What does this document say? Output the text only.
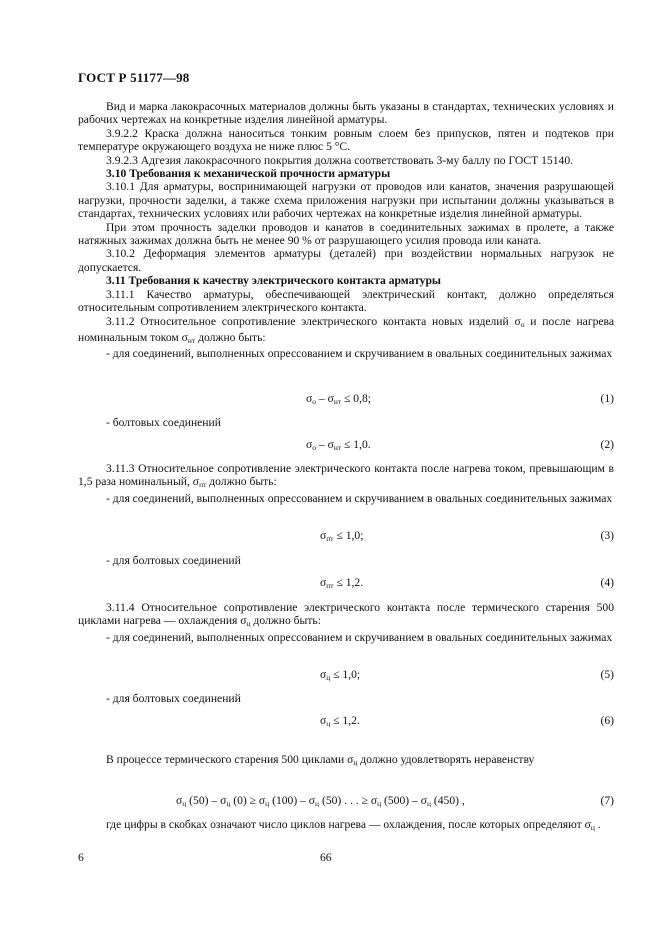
ГОСТ Р 51177—98

Вид и марка лакокрасочных материалов должны быть указаны в стандартах, технических условиях и рабочих чертежах на конкретные изделия линейной арматуры.

3.9.2.2 Краска должна наноситься тонким ровным слоем без припусков, пятен и подтеков при температуре окружающего воздуха не ниже плюс 5 °С.

3.9.2.3 Адгезия лакокрасочного покрытия должна соответствовать 3-му баллу по ГОСТ 15140.

3.10 Требования к механической прочности арматуры

3.10.1 Для арматуры, воспринимающей нагрузки от проводов или канатов, значения разрушающей нагрузки, прочности заделки, а также схема приложения нагрузки при испытании должны указываться в стандартах, технических условиях или рабочих чертежах на конкретные изделия линейной арматуры.

При этом прочность заделки проводов и канатов в соединительных зажимах в пролете, а также натяжных зажимах должна быть не менее 90 % от разрушающего усилия провода или каната.

3.10.2 Деформация элементов арматуры (деталей) при воздействии нормальных нагрузок не допускается.

3.11 Требования к качеству электрического контакта арматуры

3.11.1 Качество арматуры, обеспечивающей электрический контакт, должно определяться относительным сопротивлением электрического контакта.

3.11.2 Относительное сопротивление электрического контакта новых изделий $\sigma_о$ и после нагрева номинальным током $\sigma_{нт}$ должно быть:

- для соединений, выполненных опрессованием и скручиванием в овальных соединительных зажимах

$\sigma_о - \sigma_{нт} \le 0,8$;	(1)

- болтовых соединений

$\sigma_о - \sigma_{нт} \le 1,0$.	(2)

3.11.3 Относительное сопротивление электрического контакта после нагрева током, превышающим в 1,5 раза номинальный, $\sigma_{пт}$ должно быть:

- для соединений, выполненных опрессованием и скручиванием в овальных соединительных зажимах

$\sigma_{пт} \le 1,0$;	(3)

- для болтовых соединений

$\sigma_{пт} \le 1,2$.	(4)

3.11.4 Относительное сопротивление электрического контакта после термического старения 500 циклами нагрева — охлаждения $\sigma_ц$ должно быть:

- для соединений, выполненных опрессованием и скручиванием в овальных соединительных зажимах

$\sigma_ц \le 1,0$;	(5)

- для болтовых соединений

$\sigma_ц \le 1,2$.	(6)

В процессе термического старения 500 циклами $\sigma_ц$ должно удовлетворять неравенству

$\sigma_ц$ $(50) - \sigma_ц$ $(0) \ge \sigma_ц$ $(100) - \sigma_ц$ (50) . . . ≥ $\sigma_ц$ $(500) - \sigma_ц$ (450) ,	(7)

где цифры в скобках означают число циклов нагрева — охлаждения, после которых определяют $\sigma_ц$ .

6	66
